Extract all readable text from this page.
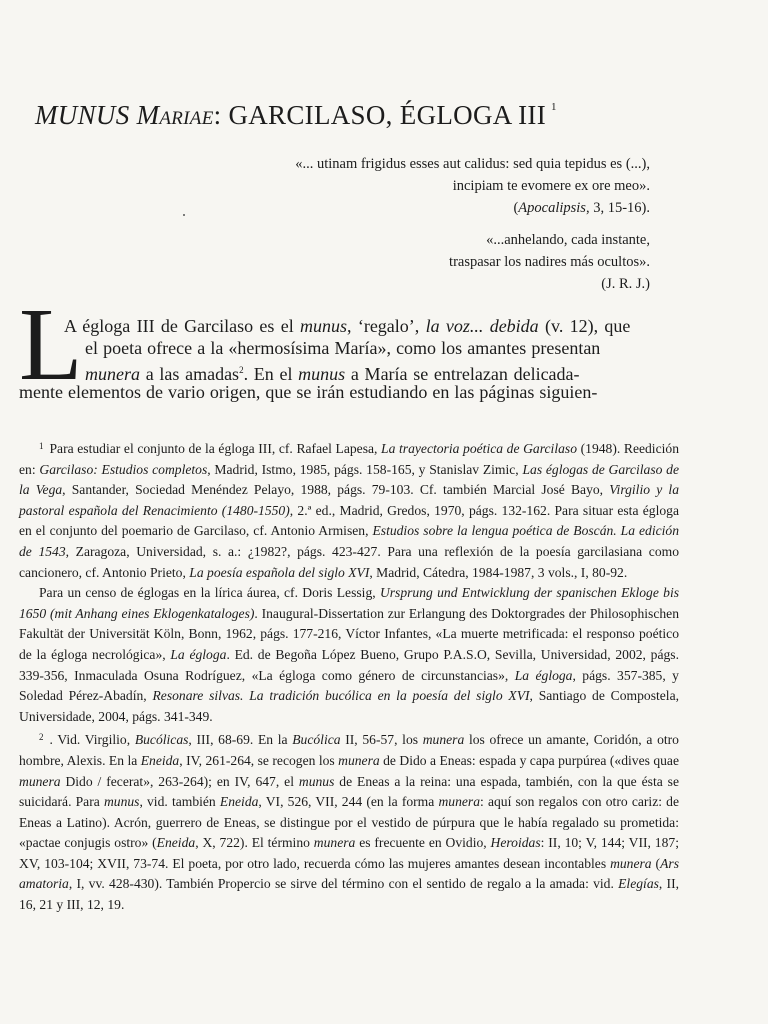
MUNUS Mariae: GARCILASO, ÉGLOGA III $^1$
«... utinam frigidus esses aut calidus: sed quia tepidus es (...),
incipiam te evomere ex ore meo».
(Apocalipsis, 3, 15-16).
«...anhelando, cada instante,
traspasar los nadires más ocultos».
(J. R. J.)
L
A égloga III de Garcilaso es el munus, ‘regalo’, la voz... debida (v. 12), que
el poeta ofrece a la «hermosísima María», como los amantes presentan
munera a las amadas$^2$. En el munus a María se entrelazan delicada-
mente elementos de vario origen, que se irán estudiando en las páginas siguien-

$^1$ Para estudiar el conjunto de la égloga III, cf. Rafael Lapesa, La trayectoria poética de Garcilaso (1948). Reedición en: Garcilaso: Estudios completos, Madrid, Istmo, 1985, págs. 158-165, y Stanislav Zimic, Las églogas de Garcilaso de la Vega, Santander, Sociedad Menéndez Pelayo, 1988, págs. 79-103. Cf. también Marcial José Bayo, Virgilio y la pastoral española del Renacimiento (1480-1550), 2.ª ed., Madrid, Gredos, 1970, págs. 132-162. Para situar esta égloga en el conjunto del poemario de Garcilaso, cf. Antonio Armisen, Estudios sobre la lengua poética de Boscán. La edición de 1543, Zaragoza, Universidad, s. a.: ¿1982?, págs. 423-427. Para una reflexión de la poesía garcilasiana como cancionero, cf. Antonio Prieto, La poesía española del siglo XVI, Madrid, Cátedra, 1984-1987, 3 vols., I, 80-92.

Para un censo de églogas en la lírica áurea, cf. Doris Lessig, Ursprung und Entwicklung der spanischen Ekloge bis 1650 (mit Anhang eines Eklogenkataloges). Inaugural-Dissertation zur Erlangung des Doktorgrades der Philosophischen Fakultät der Universität Köln, Bonn, 1962, págs. 177-216, Víctor Infantes, «La muerte metrificada: el responso poético de la égloga necrológica», La égloga. Ed. de Begoña López Bueno, Grupo P.A.S.O, Sevilla, Universidad, 2002, págs. 339-356, Inmaculada Osuna Rodríguez, «La égloga como género de circunstancias», La égloga, págs. 357-385, y Soledad Pérez-Abadín, Resonare silvas. La tradición bucólica en la poesía del siglo XVI, Santiago de Compostela, Universidade, 2004, págs. 341-349.

$^2$ . Vid. Virgilio, Bucólicas, III, 68-69. En la Bucólica II, 56-57, los munera los ofrece un amante, Coridón, a otro hombre, Alexis. En la Eneida, IV, 261-264, se recogen los munera de Dido a Eneas: espada y capa purpúrea («dives quae munera Dido / fecerat», 263-264); en IV, 647, el munus de Eneas a la reina: una espada, también, con la que ésta se suicidará. Para munus, vid. también Eneida, VI, 526, VII, 244 (en la forma munera: aquí son regalos con otro cariz: de Eneas a Latino). Acrón, guerrero de Eneas, se distingue por el vestido de púrpura que le había regalado su prometida: «pactae conjugis ostro» (Eneida, X, 722). El término munera es frecuente en Ovidio, Heroidas: II, 10; V, 144; VII, 187; XV, 103-104; XVII, 73-74. El poeta, por otro lado, recuerda cómo las mujeres amantes desean incontables munera (Ars amatoria, I, vv. 428-430). También Propercio se sirve del término con el sentido de regalo a la amada: vid. Elegías, II, 16, 21 y III, 12, 19.
